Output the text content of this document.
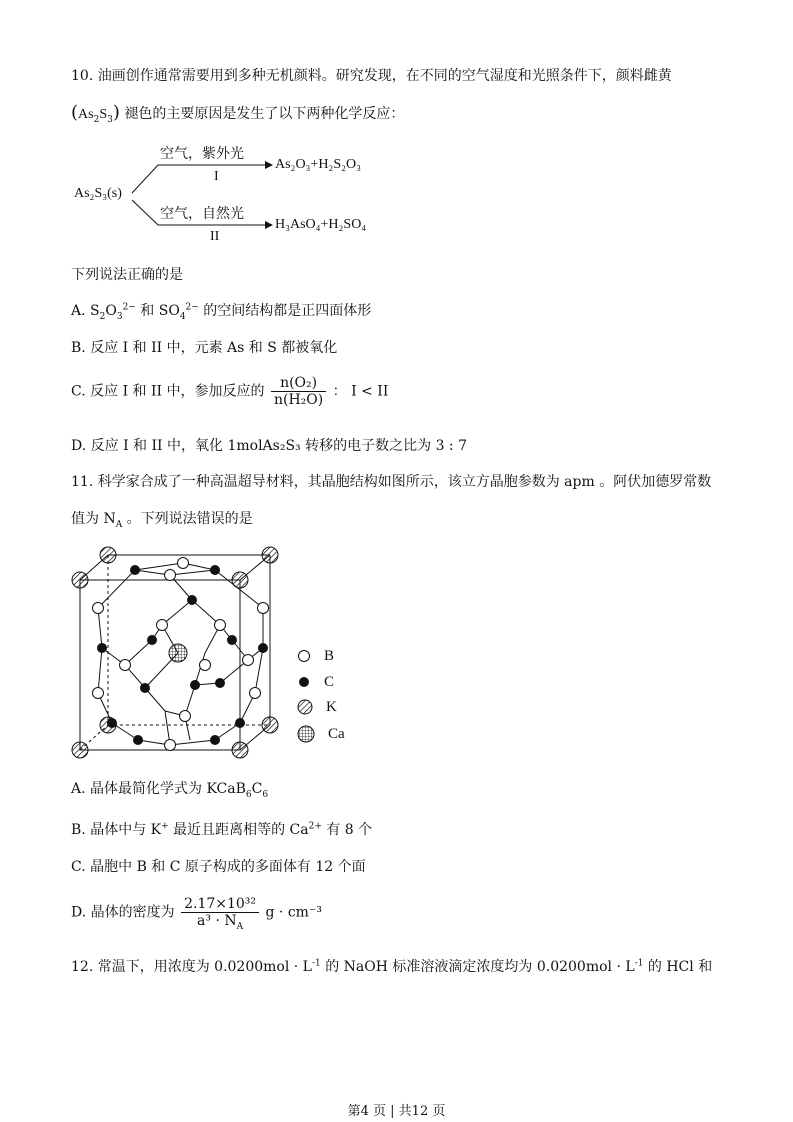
10. 油画创作通常需要用到多种无机颜料。研究发现，在不同的空气湿度和光照条件下，颜料雌黄
$(As_2S_3)$ 褪色的主要原因是发生了以下两种化学反应：
As₂S₃(s)
空气，紫外光
I
As₂O₃+H₂S₂O₃
空气，自然光
II
H₃AsO₄+H₂SO₄
下列说法正确的是
A. $S_2O_3^{2-}$ 和 $SO_4^{2-}$ 的空间结构都是正四面体形
B. 反应 I 和 II 中，元素 As 和 S 都被氧化
C. 反应 I 和 II 中，参加反应的 $\frac{\text{n(O₂)}}{\text{n(H₂O)}}$ ： I < II
D. 反应 I 和 II 中，氧化 1molAs₂S₃ 转移的电子数之比为 3 : 7
11. 科学家合成了一种高温超导材料，其晶胞结构如图所示，该立方晶胞参数为 apm 。阿伏加德罗常数
值为 $N_A$ 。下列说法错误的是
B
C
K
Ca
A. 晶体最简化学式为 $KCaB_6C_6$
B. 晶体中与 K+ 最近且距离相等的 $Ca^{2+}$ 有 8 个
C. 晶胞中 B 和 C 原子构成的多面体有 12 个面
D. 晶体的密度为 $\frac{\text{2.17×10³²}}{a^3 \cdot N_A}$ g · cm⁻³
12. 常温下，用浓度为 $0.0200mol \cdot L^{-1}$ 的 NaOH 标准溶液滴定浓度均为 $0.0200mol \cdot L^{-1}$ 的 HCl 和
第4 页 | 共12 页
